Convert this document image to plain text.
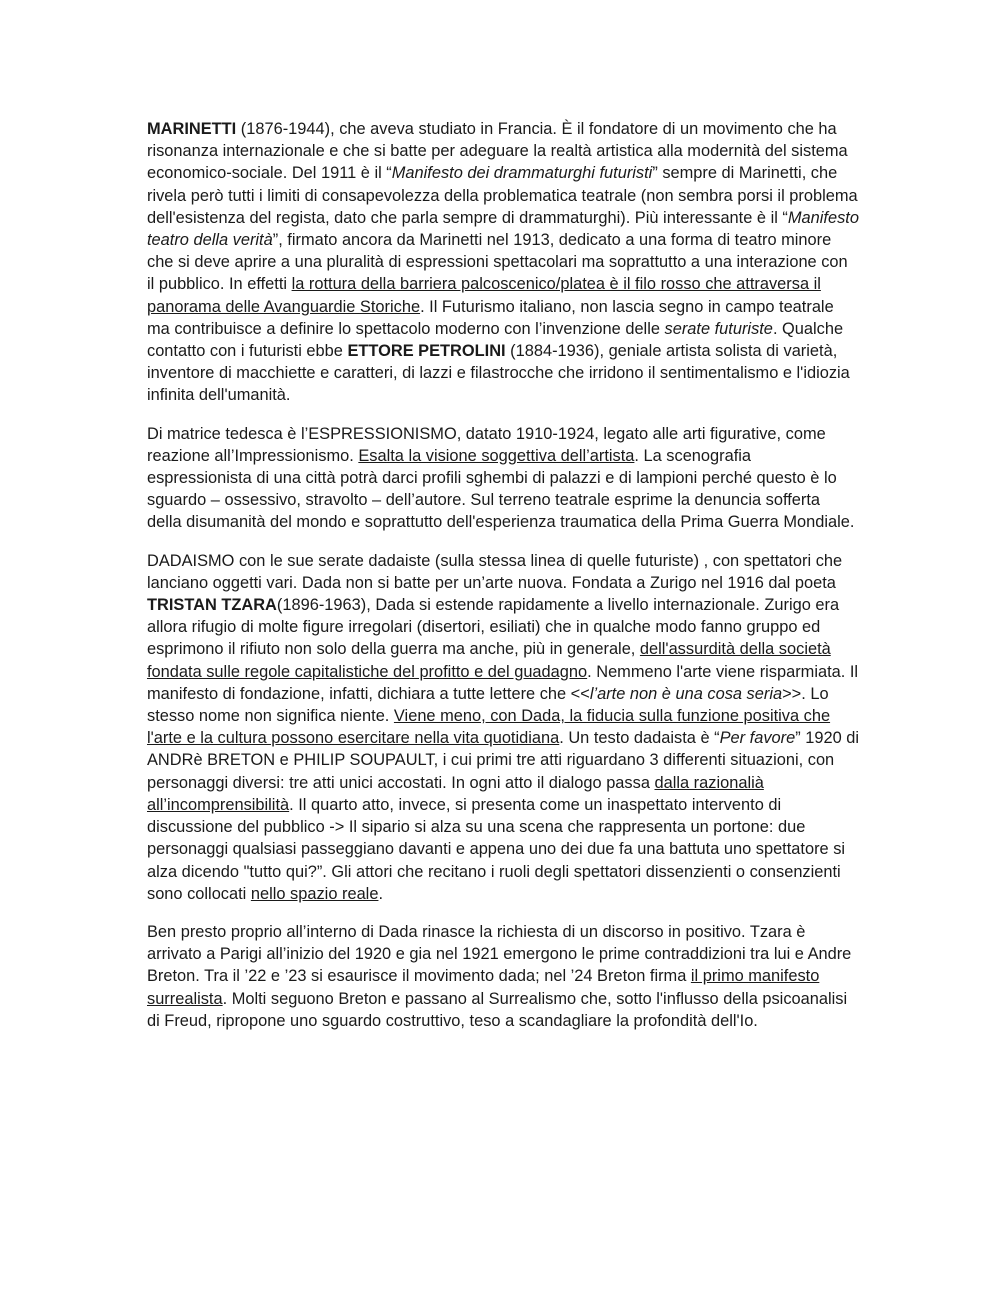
MARINETTI (1876-1944), che aveva studiato in Francia. È il fondatore di un movimento che ha risonanza internazionale e che si batte per adeguare la realtà artistica alla modernità del sistema economico-sociale. Del 1911 è il “Manifesto dei drammaturghi futuristi” sempre di Marinetti, che rivela però tutti i limiti di consapevolezza della problematica teatrale (non sembra porsi il problema dell'esistenza del regista, dato che parla sempre di drammaturghi). Più interessante è il “Manifesto teatro della verità”, firmato ancora da Marinetti nel 1913, dedicato a una forma di teatro minore che si deve aprire a una pluralità di espressioni spettacolari ma soprattutto a una interazione con il pubblico. In effetti la rottura della barriera palcoscenico/platea è il filo rosso che attraversa il panorama delle Avanguardie Storiche. Il Futurismo italiano, non lascia segno in campo teatrale ma contribuisce a definire lo spettacolo moderno con l’invenzione delle serate futuriste. Qualche contatto con i futuristi ebbe ETTORE PETROLINI (1884-1936), geniale artista solista di varietà, inventore di macchiette e caratteri, di lazzi e filastrocche che irridono il sentimentalismo e l'idiozia infinita dell'umanità.

Di matrice tedesca è l’ESPRESSIONISMO, datato 1910-1924, legato alle arti figurative, come reazione all’Impressionismo. Esalta la visione soggettiva dell’artista. La scenografia espressionista di una città potrà darci profili sghembi di palazzi e di lampioni perché questo è lo sguardo – ossessivo, stravolto – dell’autore. Sul terreno teatrale esprime la denuncia sofferta della disumanità del mondo e soprattutto dell'esperienza traumatica della Prima Guerra Mondiale.

DADAISMO con le sue serate dadaiste (sulla stessa linea di quelle futuriste) , con spettatori che lanciano oggetti vari. Dada non si batte per un’arte nuova. Fondata a Zurigo nel 1916 dal poeta TRISTAN TZARA(1896-1963), Dada si estende rapidamente a livello internazionale. Zurigo era allora rifugio di molte figure irregolari (disertori, esiliati) che in qualche modo fanno gruppo ed esprimono il rifiuto non solo della guerra ma anche, più in generale, dell'assurdità della società fondata sulle regole capitalistiche del profitto e del guadagno. Nemmeno l'arte viene risparmiata. Il manifesto di fondazione, infatti, dichiara a tutte lettere che <<l’arte non è una cosa seria>>. Lo stesso nome non significa niente. Viene meno, con Dada, la fiducia sulla funzione positiva che l'arte e la cultura possono esercitare nella vita quotidiana. Un testo dadaista è “Per favore” 1920 di ANDRè BRETON e PHILIP SOUPAULT, i cui primi tre atti riguardano 3 differenti situazioni, con personaggi diversi: tre atti unici accostati. In ogni atto il dialogo passa dalla razionalià all’incomprensibilità. Il quarto atto, invece, si presenta come un inaspettato intervento di discussione del pubblico -> Il sipario si alza su una scena che rappresenta un portone: due personaggi qualsiasi passeggiano davanti e appena uno dei due fa una battuta uno spettatore si alza dicendo "tutto qui?”. Gli attori che recitano i ruoli degli spettatori dissenzienti o consenzienti sono collocati nello spazio reale.

Ben presto proprio all’interno di Dada rinasce la richiesta di un discorso in positivo. Tzara è arrivato a Parigi all’inizio del 1920 e gia nel 1921 emergono le prime contraddizioni tra lui e Andre Breton. Tra il ’22 e ’23 si esaurisce il movimento dada; nel ’24 Breton firma il primo manifesto surrealista. Molti seguono Breton e passano al Surrealismo che, sotto l'influsso della psicoanalisi di Freud, ripropone uno sguardo costruttivo, teso a scandagliare la profondità dell'Io.
